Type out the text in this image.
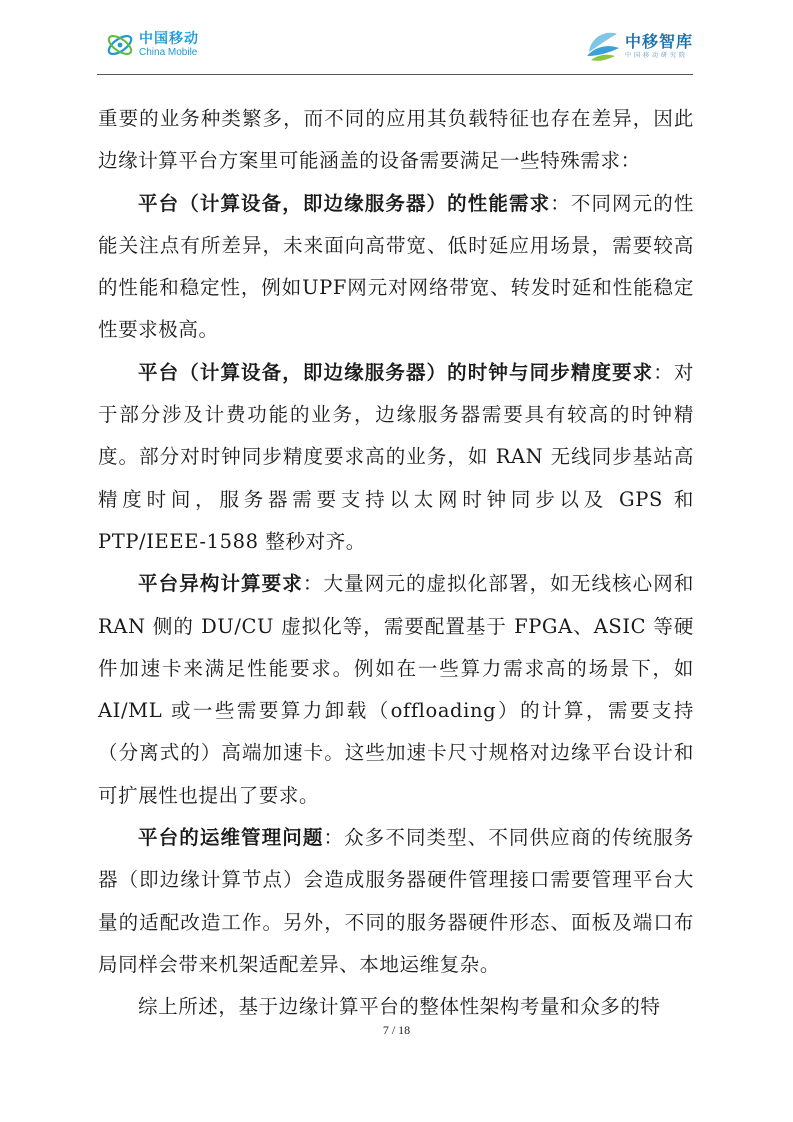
中国移动
China Mobile
中移智库
中国移动研究院

重要的业务种类繁多，而不同的应用其负载特征也存在差异，因此边缘计算平台方案里可能涵盖的设备需要满足一些特殊需求：

平台（计算设备，即边缘服务器）的性能需求：不同网元的性能关注点有所差异，未来面向高带宽、低时延应用场景，需要较高的性能和稳定性，例如UPF网元对网络带宽、转发时延和性能稳定性要求极高。

平台（计算设备，即边缘服务器）的时钟与同步精度要求：对于部分涉及计费功能的业务，边缘服务器需要具有较高的时钟精度。部分对时钟同步精度要求高的业务，如 RAN 无线同步基站高精度时间，服务器需要支持以太网时钟同步以及 GPS 和PTP/IEEE-1588 整秒对齐。

平台异构计算要求：大量网元的虚拟化部署，如无线核心网和 RAN 侧的 DU/CU 虚拟化等，需要配置基于 FPGA、ASIC 等硬件加速卡来满足性能要求。例如在一些算力需求高的场景下，如AI/ML 或一些需要算力卸载（offloading）的计算，需要支持（分离式的）高端加速卡。这些加速卡尺寸规格对边缘平台设计和可扩展性也提出了要求。

平台的运维管理问题：众多不同类型、不同供应商的传统服务器（即边缘计算节点）会造成服务器硬件管理接口需要管理平台大量的适配改造工作。另外，不同的服务器硬件形态、面板及端口布局同样会带来机架适配差异、本地运维复杂。

综上所述，基于边缘计算平台的整体性架构考量和众多的特

7 / 18
